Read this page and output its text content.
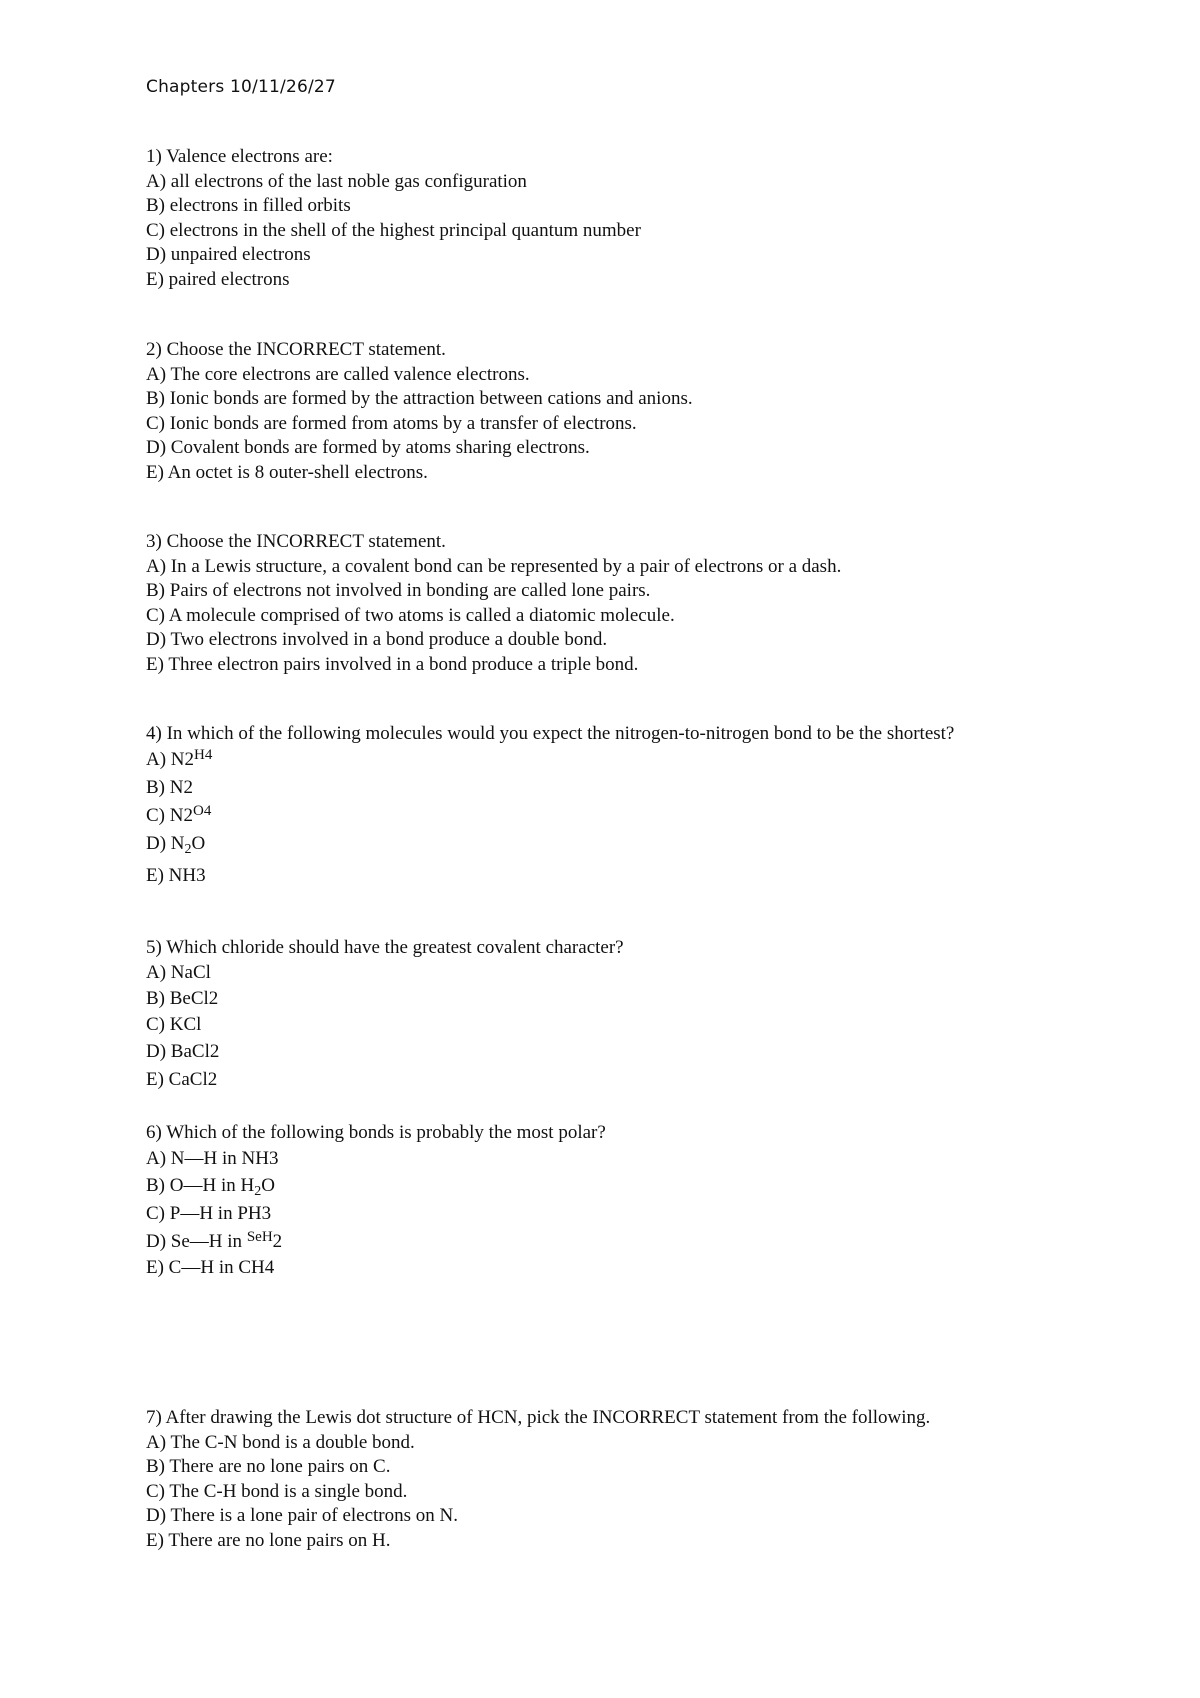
Chapters 10/11/26/27
1) Valence electrons are:
A) all electrons of the last noble gas configuration
B) electrons in filled orbits
C) electrons in the shell of the highest principal quantum number
D) unpaired electrons
E) paired electrons
2) Choose the INCORRECT statement.
A) The core electrons are called valence electrons.
B) Ionic bonds are formed by the attraction between cations and anions.
C) Ionic bonds are formed from atoms by a transfer of electrons.
D) Covalent bonds are formed by atoms sharing electrons.
E) An octet is 8 outer-shell electrons.
3) Choose the INCORRECT statement.
A) In a Lewis structure, a covalent bond can be represented by a pair of electrons or a dash.
B) Pairs of electrons not involved in bonding are called lone pairs.
C) A molecule comprised of two atoms is called a diatomic molecule.
D) Two electrons involved in a bond produce a double bond.
E) Three electron pairs involved in a bond produce a triple bond.
4) In which of the following molecules would you expect the nitrogen-to-nitrogen bond to be the shortest?
A) $N2^{H4}$
B) N2
C) $N2^{O4}$
D) $N_2O$
E) NH3
5) Which chloride should have the greatest covalent character?
A) NaCl
B) BeCl2
C) KCl
D) BaCl2
E) CaCl2
6) Which of the following bonds is probably the most polar?
A) N—H in NH3
B) O—H in $H_2O$
C) P—H in PH3
D) Se—H in $^{SeH}$2
E) C—H in CH4
7) After drawing the Lewis dot structure of HCN, pick the INCORRECT statement from the following.
A) The C-N bond is a double bond.
B) There are no lone pairs on C.
C) The C-H bond is a single bond.
D) There is a lone pair of electrons on N.
E) There are no lone pairs on H.
